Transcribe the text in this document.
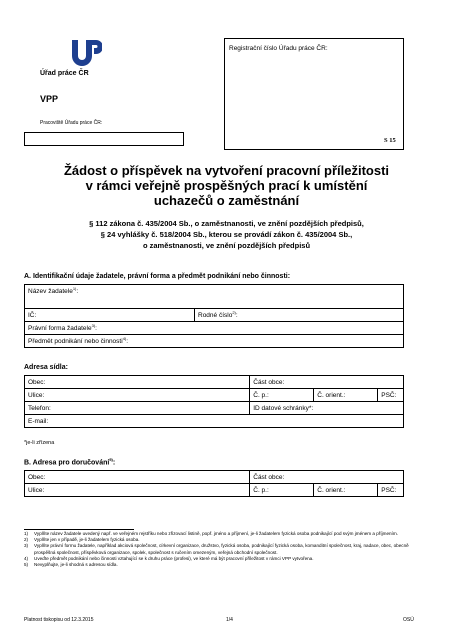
Úřad práce ČR
VPP
Pracoviště Úřadu práce ČR:
Registrační číslo Úřadu práce ČR:
S 15
Žádost o příspěvek na vytvoření pracovní příležitosti
v rámci veřejně prospěšných prací k umístění
uchazečů o zaměstnání
§ 112 zákona č. 435/2004 Sb., o zaměstnanosti, ve znění pozdějších předpisů,
§ 24 vyhlášky č. 518/2004 Sb., kterou se provádí zákon č. 435/2004 Sb.,
o zaměstnanosti, ve znění pozdějších předpisů
A. Identifikační údaje žadatele, právní forma a předmět podnikání nebo činnosti:
Název žadatele$^{1)}$:
IČ:	Rodné číslo$^{2)}$:
Právní forma žadatele$^{3)}$:
Předmět podnikání nebo činnosti$^{4)}$:
Adresa sídla:
Obec:	Část obce:		
Ulice:	Č. p.:	Č. orient.:	PSČ:
Telefon:	ID datové schránky*:		
E-mail:			
*je-li zřízena
B. Adresa pro doručování$^{5)}$:
Obec:	Část obce:		
Ulice:	Č. p.:	Č. orient.:	PSČ:
1)	Vyplňte název žadatele uvedený např. ve veřejném rejstříku nebo zřizovací listině, popř. jméno a příjmení, je-li žadatelem fyzická osoba podnikající pod svým jménem a příjmením.
2)	Vyplňte jen v případě, je-li žadatelem fyzická osoba.
3)	Vyplňte právní formu žadatele, například akciová společnost, církevní organizace, družstvo, fyzická osoba, podnikající fyzická osoba, komanditní společnost, kraj, nadace, obec, obecně prospěšná společnost, příspěvková organizace, spolek, společnost s ručením omezeným, veřejná obchodní společnost.
4)	Uveďte předmět podnikání nebo činnosti vztahující se k druhu práce (profesi), ve které má být pracovní příležitost v rámci VPP vytvořena.
5)	Nevyplňujte, je-li shodná s adresou sídla.
Platnost tiskopisu od 12.3.2015	1/4	OSÚ
